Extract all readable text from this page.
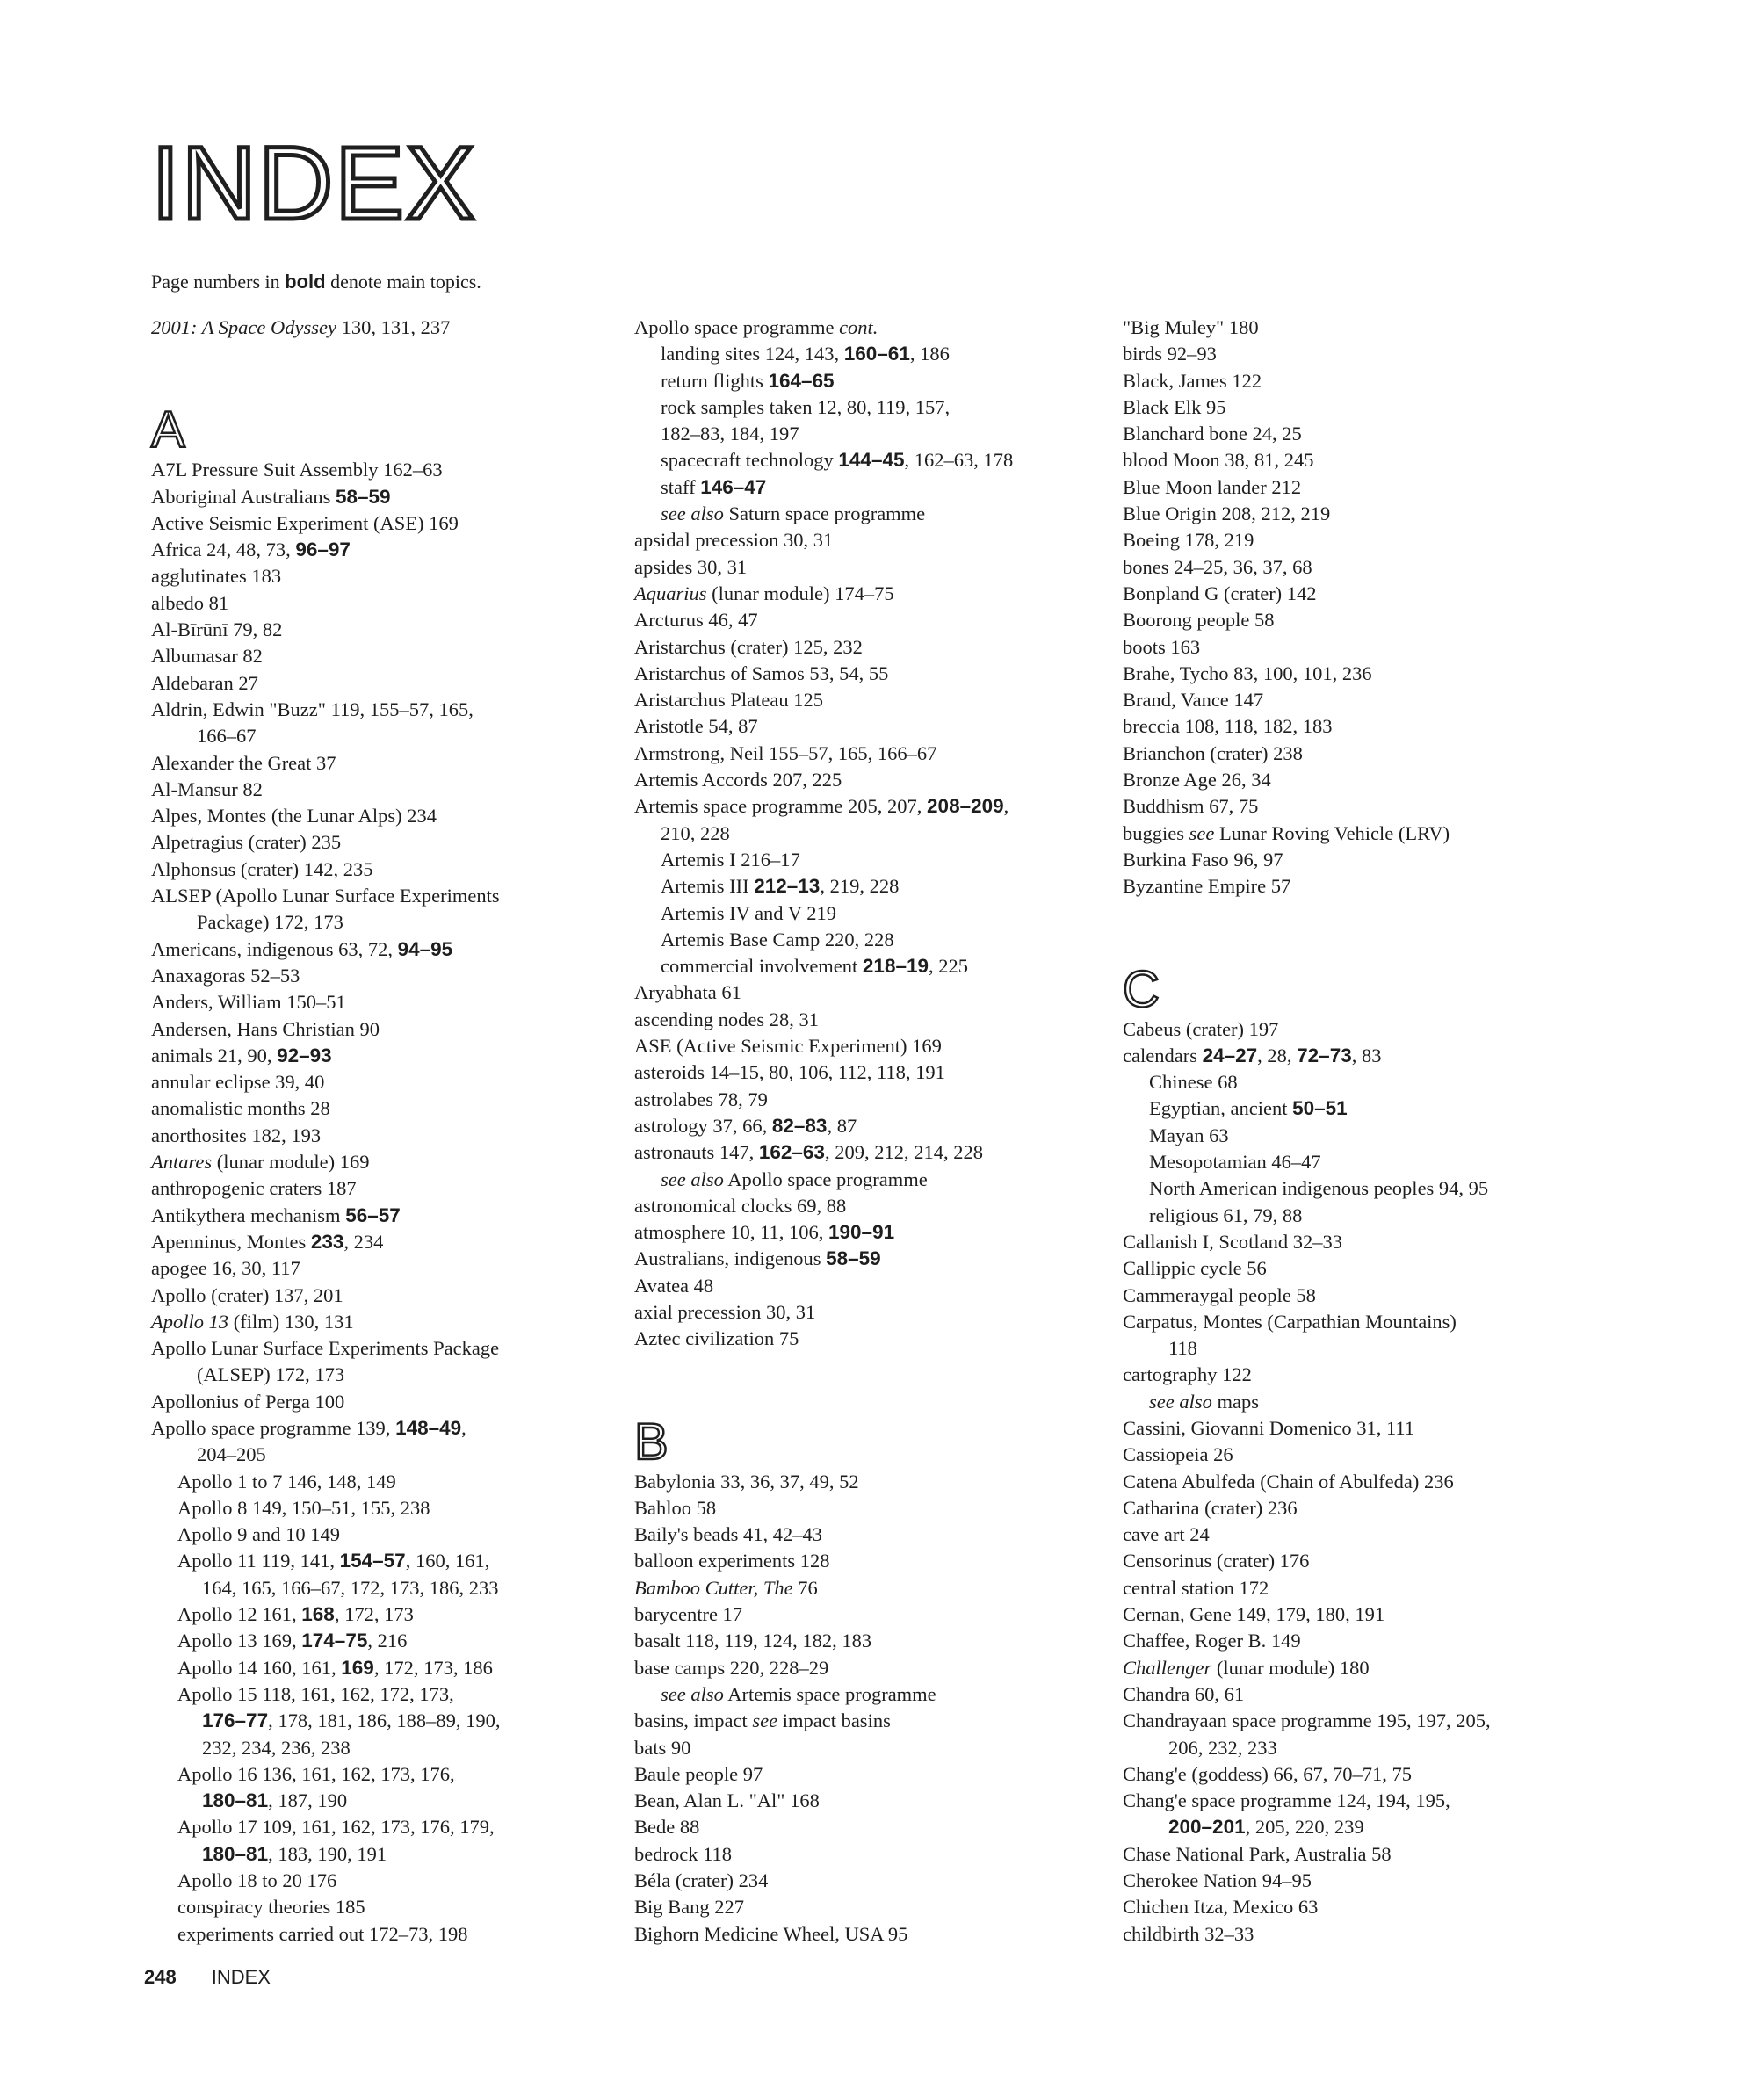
INDEX
Page numbers in bold denote main topics.
2001: A Space Odyssey 130, 131, 237
A
A7L Pressure Suit Assembly 162–63
Aboriginal Australians 58–59
Active Seismic Experiment (ASE) 169
Africa 24, 48, 73, 96–97
agglutinates 183
albedo 81
Al-Bīrūnī 79, 82
Albumasar 82
Aldebaran 27
Aldrin, Edwin "Buzz" 119, 155–57, 165,
166–67
Alexander the Great 37
Al-Mansur 82
Alpes, Montes (the Lunar Alps) 234
Alpetragius (crater) 235
Alphonsus (crater) 142, 235
ALSEP (Apollo Lunar Surface Experiments
Package) 172, 173
Americans, indigenous 63, 72, 94–95
Anaxagoras 52–53
Anders, William 150–51
Andersen, Hans Christian 90
animals 21, 90, 92–93
annular eclipse 39, 40
anomalistic months 28
anorthosites 182, 193
Antares (lunar module) 169
anthropogenic craters 187
Antikythera mechanism 56–57
Apenninus, Montes 233, 234
apogee 16, 30, 117
Apollo (crater) 137, 201
Apollo 13 (film) 130, 131
Apollo Lunar Surface Experiments Package
(ALSEP) 172, 173
Apollonius of Perga 100
Apollo space programme 139, 148–49,
204–205
Apollo 1 to 7 146, 148, 149
Apollo 8 149, 150–51, 155, 238
Apollo 9 and 10 149
Apollo 11 119, 141, 154–57, 160, 161,
164, 165, 166–67, 172, 173, 186, 233
Apollo 12 161, 168, 172, 173
Apollo 13 169, 174–75, 216
Apollo 14 160, 161, 169, 172, 173, 186
Apollo 15 118, 161, 162, 172, 173,
176–77, 178, 181, 186, 188–89, 190,
232, 234, 236, 238
Apollo 16 136, 161, 162, 173, 176,
180–81, 187, 190
Apollo 17 109, 161, 162, 173, 176, 179,
180–81, 183, 190, 191
Apollo 18 to 20 176
conspiracy theories 185
experiments carried out 172–73, 198
Apollo space programme cont.
landing sites 124, 143, 160–61, 186
return flights 164–65
rock samples taken 12, 80, 119, 157,
182–83, 184, 197
spacecraft technology 144–45, 162–63, 178
staff 146–47
see also Saturn space programme
apsidal precession 30, 31
apsides 30, 31
Aquarius (lunar module) 174–75
Arcturus 46, 47
Aristarchus (crater) 125, 232
Aristarchus of Samos 53, 54, 55
Aristarchus Plateau 125
Aristotle 54, 87
Armstrong, Neil 155–57, 165, 166–67
Artemis Accords 207, 225
Artemis space programme 205, 207, 208–209,
210, 228
Artemis I 216–17
Artemis III 212–13, 219, 228
Artemis IV and V 219
Artemis Base Camp 220, 228
commercial involvement 218–19, 225
Aryabhata 61
ascending nodes 28, 31
ASE (Active Seismic Experiment) 169
asteroids 14–15, 80, 106, 112, 118, 191
astrolabes 78, 79
astrology 37, 66, 82–83, 87
astronauts 147, 162–63, 209, 212, 214, 228
see also Apollo space programme
astronomical clocks 69, 88
atmosphere 10, 11, 106, 190–91
Australians, indigenous 58–59
Avatea 48
axial precession 30, 31
Aztec civilization 75
B
Babylonia 33, 36, 37, 49, 52
Bahloo 58
Baily's beads 41, 42–43
balloon experiments 128
Bamboo Cutter, The 76
barycentre 17
basalt 118, 119, 124, 182, 183
base camps 220, 228–29
see also Artemis space programme
basins, impact see impact basins
bats 90
Baule people 97
Bean, Alan L. "Al" 168
Bede 88
bedrock 118
Béla (crater) 234
Big Bang 227
Bighorn Medicine Wheel, USA 95
"Big Muley" 180
birds 92–93
Black, James 122
Black Elk 95
Blanchard bone 24, 25
blood Moon 38, 81, 245
Blue Moon lander 212
Blue Origin 208, 212, 219
Boeing 178, 219
bones 24–25, 36, 37, 68
Bonpland G (crater) 142
Boorong people 58
boots 163
Brahe, Tycho 83, 100, 101, 236
Brand, Vance 147
breccia 108, 118, 182, 183
Brianchon (crater) 238
Bronze Age 26, 34
Buddhism 67, 75
buggies see Lunar Roving Vehicle (LRV)
Burkina Faso 96, 97
Byzantine Empire 57
C
Cabeus (crater) 197
calendars 24–27, 28, 72–73, 83
Chinese 68
Egyptian, ancient 50–51
Mayan 63
Mesopotamian 46–47
North American indigenous peoples 94, 95
religious 61, 79, 88
Callanish I, Scotland 32–33
Callippic cycle 56
Cammeraygal people 58
Carpatus, Montes (Carpathian Mountains)
118
cartography 122
see also maps
Cassini, Giovanni Domenico 31, 111
Cassiopeia 26
Catena Abulfeda (Chain of Abulfeda) 236
Catharina (crater) 236
cave art 24
Censorinus (crater) 176
central station 172
Cernan, Gene 149, 179, 180, 191
Chaffee, Roger B. 149
Challenger (lunar module) 180
Chandra 60, 61
Chandrayaan space programme 195, 197, 205,
206, 232, 233
Chang'e (goddess) 66, 67, 70–71, 75
Chang'e space programme 124, 194, 195,
200–201, 205, 220, 239
Chase National Park, Australia 58
Cherokee Nation 94–95
Chichen Itza, Mexico 63
childbirth 32–33
248 INDEX
